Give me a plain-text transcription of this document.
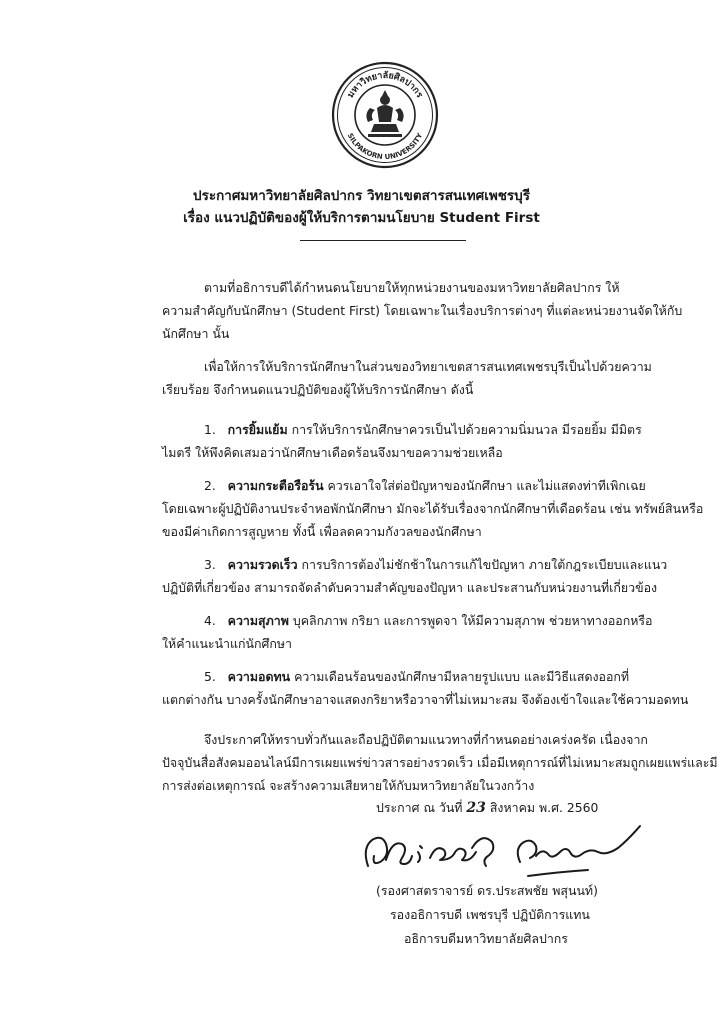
มหาวิทยาลัยศิลปากร
SILPAKORN UNIVERSITY
ประกาศมหาวิทยาลัยศิลปากร วิทยาเขตสารสนเทศเพชรบุรี
เรื่อง แนวปฏิบัติของผู้ให้บริการตามนโยบาย Student First
ตามที่อธิการบดีได้กำหนดนโยบายให้ทุกหน่วยงานของมหาวิทยาลัยศิลปากร ให้
ความสำคัญกับนักศึกษา (Student First) โดยเฉพาะในเรื่องบริการต่างๆ ที่แต่ละหน่วยงานจัดให้กับ
นักศึกษา นั้น
เพื่อให้การให้บริการนักศึกษาในส่วนของวิทยาเขตสารสนเทศเพชรบุรีเป็นไปด้วยความ
เรียบร้อย จึงกำหนดแนวปฏิบัติของผู้ให้บริการนักศึกษา ดังนี้
1. การยิ้มแย้ม การให้บริการนักศึกษาควรเป็นไปด้วยความนิ่มนวล มีรอยยิ้ม มีมิตร
ไมตรี ให้พึงคิดเสมอว่านักศึกษาเดือดร้อนจึงมาขอความช่วยเหลือ
2. ความกระตือรือร้น ควรเอาใจใส่ต่อปัญหาของนักศึกษา และไม่แสดงท่าทีเพิกเฉย
โดยเฉพาะผู้ปฏิบัติงานประจำหอพักนักศึกษา มักจะได้รับเรื่องจากนักศึกษาที่เดือดร้อน เช่น ทรัพย์สินหรือ
ของมีค่าเกิดการสูญหาย ทั้งนี้ เพื่อลดความกังวลของนักศึกษา
3. ความรวดเร็ว การบริการต้องไม่ชักช้าในการแก้ไขปัญหา ภายใต้กฎระเบียบและแนว
ปฏิบัติที่เกี่ยวข้อง สามารถจัดลำดับความสำคัญของปัญหา และประสานกับหน่วยงานที่เกี่ยวข้อง
4. ความสุภาพ บุคลิกภาพ กริยา และการพูดจา ให้มีความสุภาพ ช่วยหาทางออกหรือ
ให้คำแนะนำแก่นักศึกษา
5. ความอดทน ความเดือนร้อนของนักศึกษามีหลายรูปแบบ และมีวิธีแสดงออกที่
แตกต่างกัน บางครั้งนักศึกษาอาจแสดงกริยาหรือวาจาที่ไม่เหมาะสม จึงต้องเข้าใจและใช้ความอดทน
จึงประกาศให้ทราบทั่วกันและถือปฏิบัติตามแนวทางที่กำหนดอย่างเคร่งครัด เนื่องจาก
ปัจจุบันสื่อสังคมออนไลน์มีการเผยแพร่ข่าวสารอย่างรวดเร็ว เมื่อมีเหตุการณ์ที่ไม่เหมาะสมถูกเผยแพร่และมี
การส่งต่อเหตุการณ์ จะสร้างความเสียหายให้กับมหาวิทยาลัยในวงกว้าง
ประกาศ ณ วันที่ 23 สิงหาคม พ.ศ. 2560
(รองศาสตราจารย์ ดร.ประสพชัย พสุนนท์)
รองอธิการบดี เพชรบุรี ปฏิบัติการแทน
อธิการบดีมหาวิทยาลัยศิลปากร
